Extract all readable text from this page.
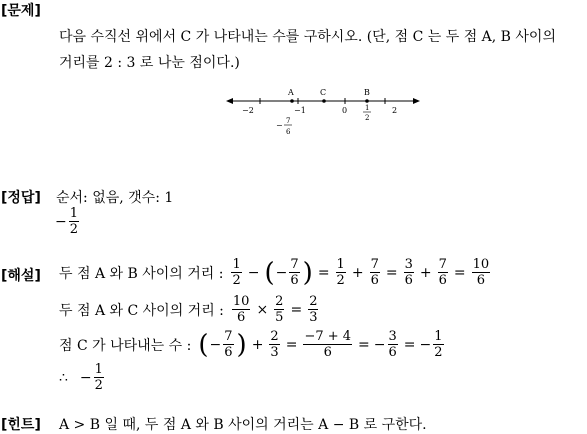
[문제]
다음 수직선 위에서 C 가 나타내는 수를 구하시오. (단, 점 C 는 두 점 A, B 사이의
거리를 2 : 3 로 나눈 점이다.)
A	C	B
−2	−1	0	2
1
2
− 7
6
[정답] 순서: 없음, 갯수: 1
− $\frac{1}{2}$
[해설] 두 점 A 와 B 사이의 거리 : $\frac{1}{2}$ − ( − $\frac{7}{6}$ ) = $\frac{1}{2} + \frac{7}{6} = \frac{3}{6} + \frac{7}{6} = \frac{10}{6}$
두 점 A 와 C 사이의 거리 : $\frac{10}{6} \times \frac{2}{5} = \frac{2}{3}$
점 C 가 나타내는 수 : ( − $\frac{7}{6}$ ) + $\frac{2}{3} = \frac{-7 + 4}{6}$ = − $\frac{3}{6}$ = − $\frac{1}{2}$
∴ − $\frac{1}{2}$
[힌트] A > B 일 때, 두 점 A 와 B 사이의 거리는 A − B 로 구한다.
